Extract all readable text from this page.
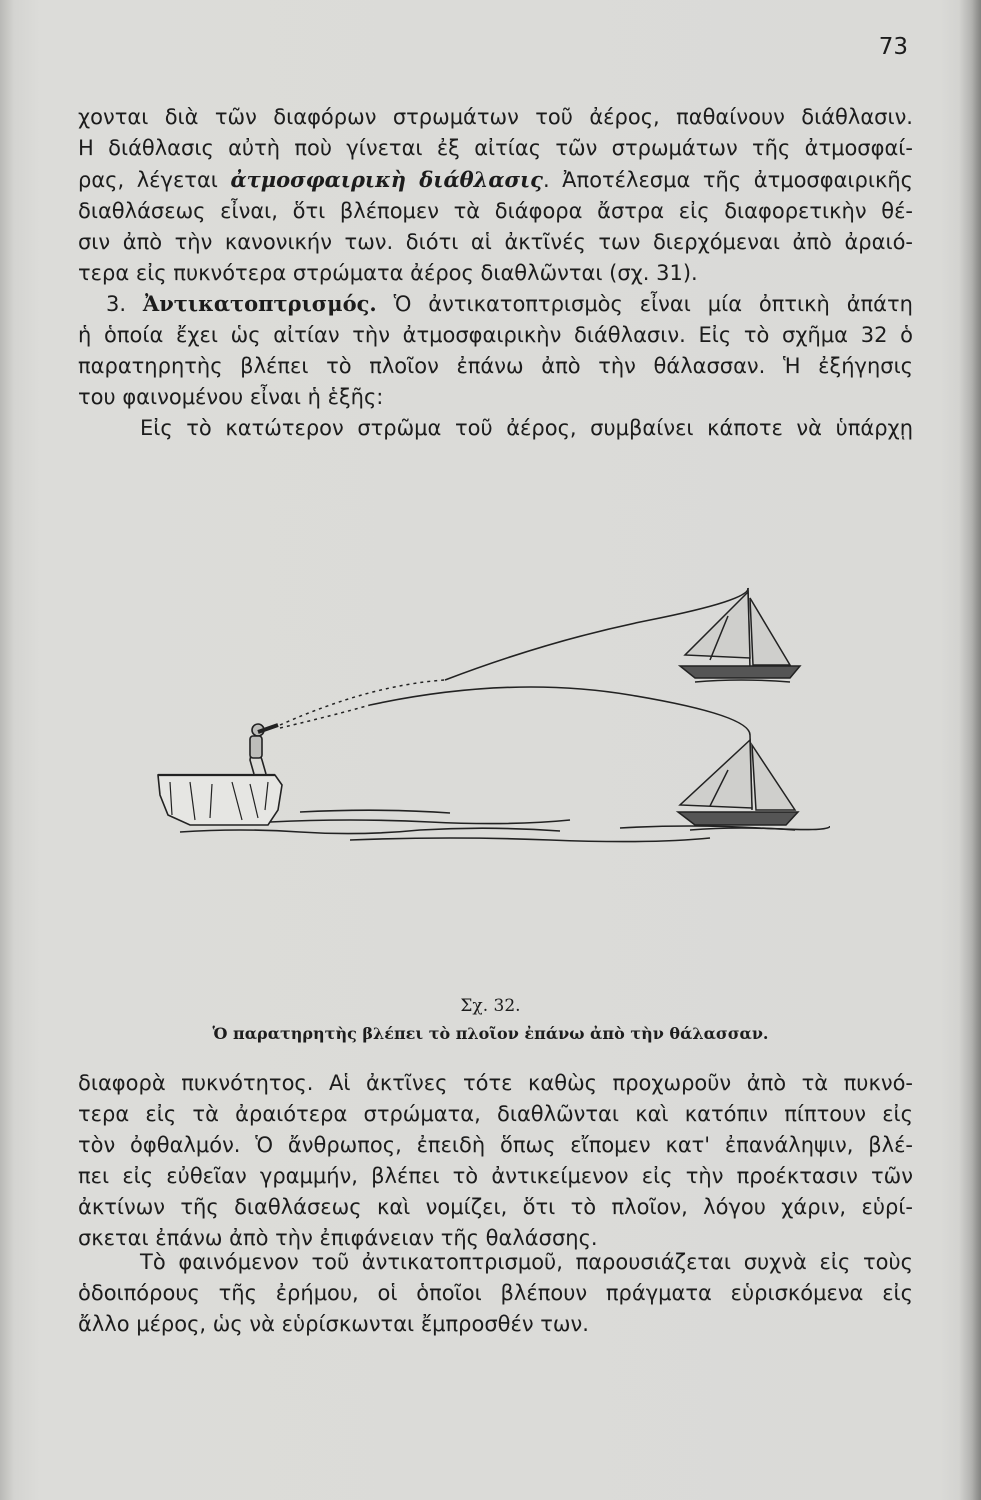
73
χονται διὰ τῶν διαφόρων στρωμάτων τοῦ ἀέρος, παθαίνουν διάθλασιν.
Η διάθλασις αὐτὴ ποὺ γίνεται ἐξ αἰτίας τῶν στρωμάτων τῆς ἀτμοσφαί-
ρας, λέγεται ἀτμοσφαιρικὴ διάθλασις. Ἀποτέλεσμα τῆς ἀτμοσφαιρικῆς
διαθλάσεως εἶναι, ὅτι βλέπομεν τὰ διάφορα ἄστρα εἰς διαφορετικὴν θέ-
σιν ἀπὸ τὴν κανονικήν των. διότι αἱ ἀκτῖνές των διερχόμεναι ἀπὸ ἀραιό-
τερα εἰς πυκνότερα στρώματα ἀέρος διαθλῶνται (σχ. 31).
3. Ἀντικατοπτρισμός. Ὁ ἀντικατοπτρισμὸς εἶναι μία ὀπτικὴ ἀπάτη
ἡ ὁποία ἔχει ὡς αἰτίαν τὴν ἀτμοσφαιρικὴν διάθλασιν. Εἰς τὸ σχῆμα 32 ὁ
παρατηρητὴς βλέπει τὸ πλοῖον ἐπάνω ἀπὸ τὴν θάλασσαν. Ἡ ἐξήγησις
του φαινομένου εἶναι ἡ ἑξῆς:
Εἰς τὸ κατώτερον στρῶμα τοῦ ἀέρος, συμβαίνει κάποτε νὰ ὑπάρχῃ
Σχ. 32.
Ὁ παρατηρητὴς βλέπει τὸ πλοῖον ἐπάνω ἀπὸ τὴν θάλασσαν.
διαφορὰ πυκνότητος. Αἱ ἀκτῖνες τότε καθὼς προχωροῦν ἀπὸ τὰ πυκνό-
τερα εἰς τὰ ἀραιότερα στρώματα, διαθλῶνται καὶ κατόπιν πίπτουν εἰς
τὸν ὀφθαλμόν. Ὁ ἄνθρωπος, ἐπειδὴ ὅπως εἴπομεν κατ' ἐπανάληψιν, βλέ-
πει εἰς εὐθεῖαν γραμμήν, βλέπει τὸ ἀντικείμενον εἰς τὴν προέκτασιν τῶν
ἀκτίνων τῆς διαθλάσεως καὶ νομίζει, ὅτι τὸ πλοῖον, λόγου χάριν, εὑρί-
σκεται ἐπάνω ἀπὸ τὴν ἐπιφάνειαν τῆς θαλάσσης.
Τὸ φαινόμενον τοῦ ἀντικατοπτρισμοῦ, παρουσιάζεται συχνὰ εἰς τοὺς
ὁδοιπόρους τῆς ἐρήμου, οἱ ὁποῖοι βλέπουν πράγματα εὑρισκόμενα εἰς
ἄλλο μέρος, ὡς νὰ εὑρίσκωνται ἔμπροσθέν των.
